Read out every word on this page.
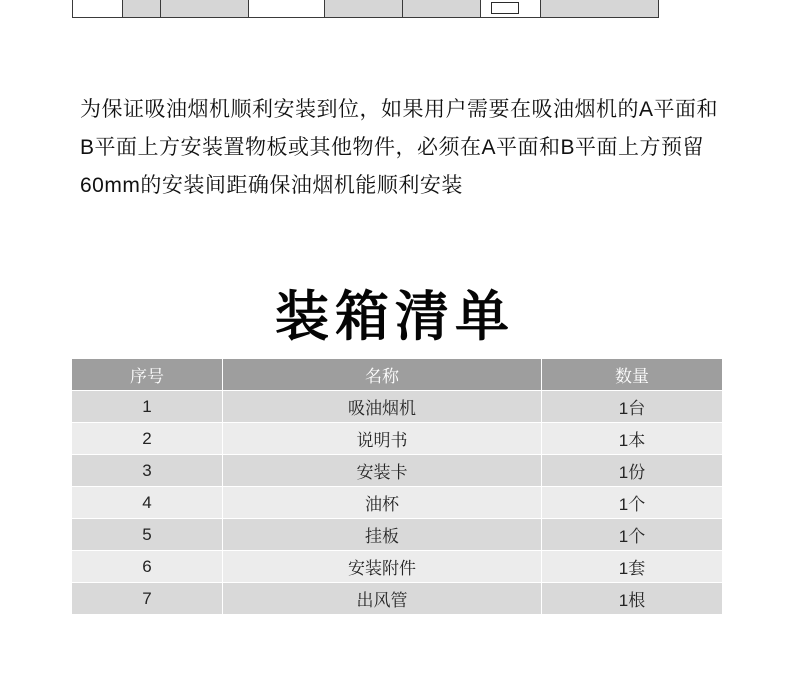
为保证吸油烟机顺利安装到位，如果用户需要在吸油烟机的A平面和B平面上方安装置物板或其他物件，必须在A平面和B平面上方预留60mm的安装间距确保油烟机能顺利安装

装箱清单
序号	名称	数量
1	吸油烟机	1台
2	说明书	1本
3	安装卡	1份
4	油杯	1个
5	挂板	1个
6	安装附件	1套
7	出风管	1根
